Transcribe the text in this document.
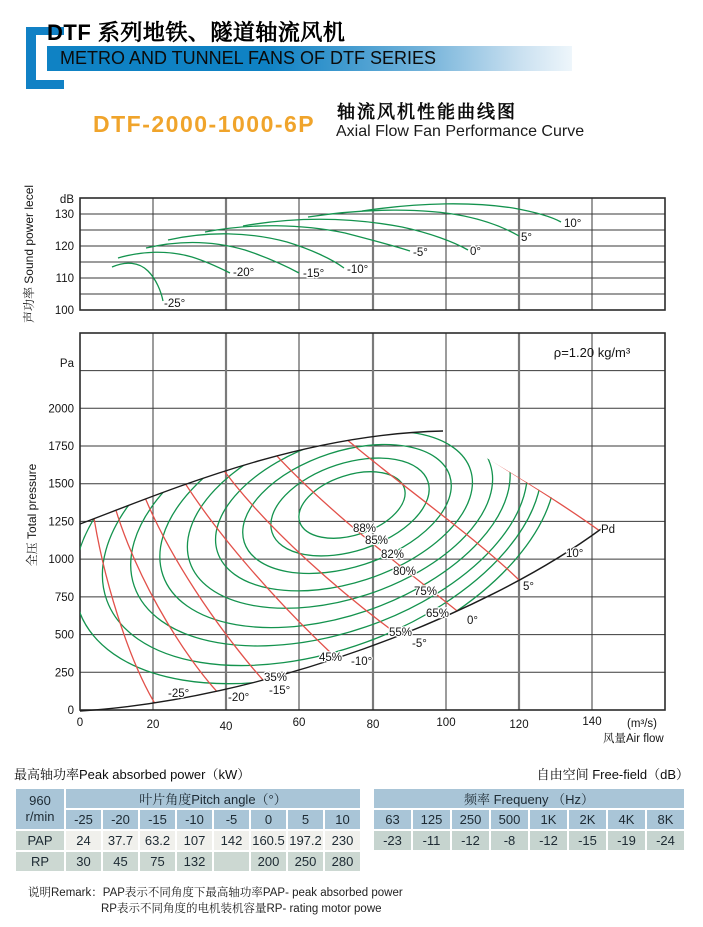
DTF 系列地铁、隧道轴流风机
METRO AND TUNNEL FANS OF DTF SERIES
DTF-2000-1000-6P 轴流风机性能曲线图
Axial Flow Fan Performance Curve
-25°
-20°	-15° -10°
-5°	0°
5°
10°
dB
130
120
110
100
声功率 Sound power lecel
88%
85%
82%
80%
75%
65%
55%
45%
35%
-25°	-20°
-15°
-10°
-5°
0°
5°
10°
Pd
ρ=1.20 kg/m³
Pa
2000
1750
1500
1250
1000
750
500
250
0
0	20	40	60	80	100	120	140 (m³/s)
风量Air flow
全压 Total pressure
最高轴功率Peak absorbed power（kW）	自由空间 Free-field（dB）
960
r/min	叶片角度Pitch angle（°）							
	-25	-20	-15	-10	-5	0	5	10
PAP	24	37.7	63.2	107	142	160.5	197.2	230
RP	30	45	75	132		200	250	280
频率 Frequeny （Hz）							
63	125	250	500	1K	2K	4K	8K
-23	-11	-12	-8	-12	-15	-19	-24

说明Remark：PAP表示不同角度下最高轴功率PAP- peak absorbed power
RP表示不同角度的电机装机容量RP- rating motor powe
